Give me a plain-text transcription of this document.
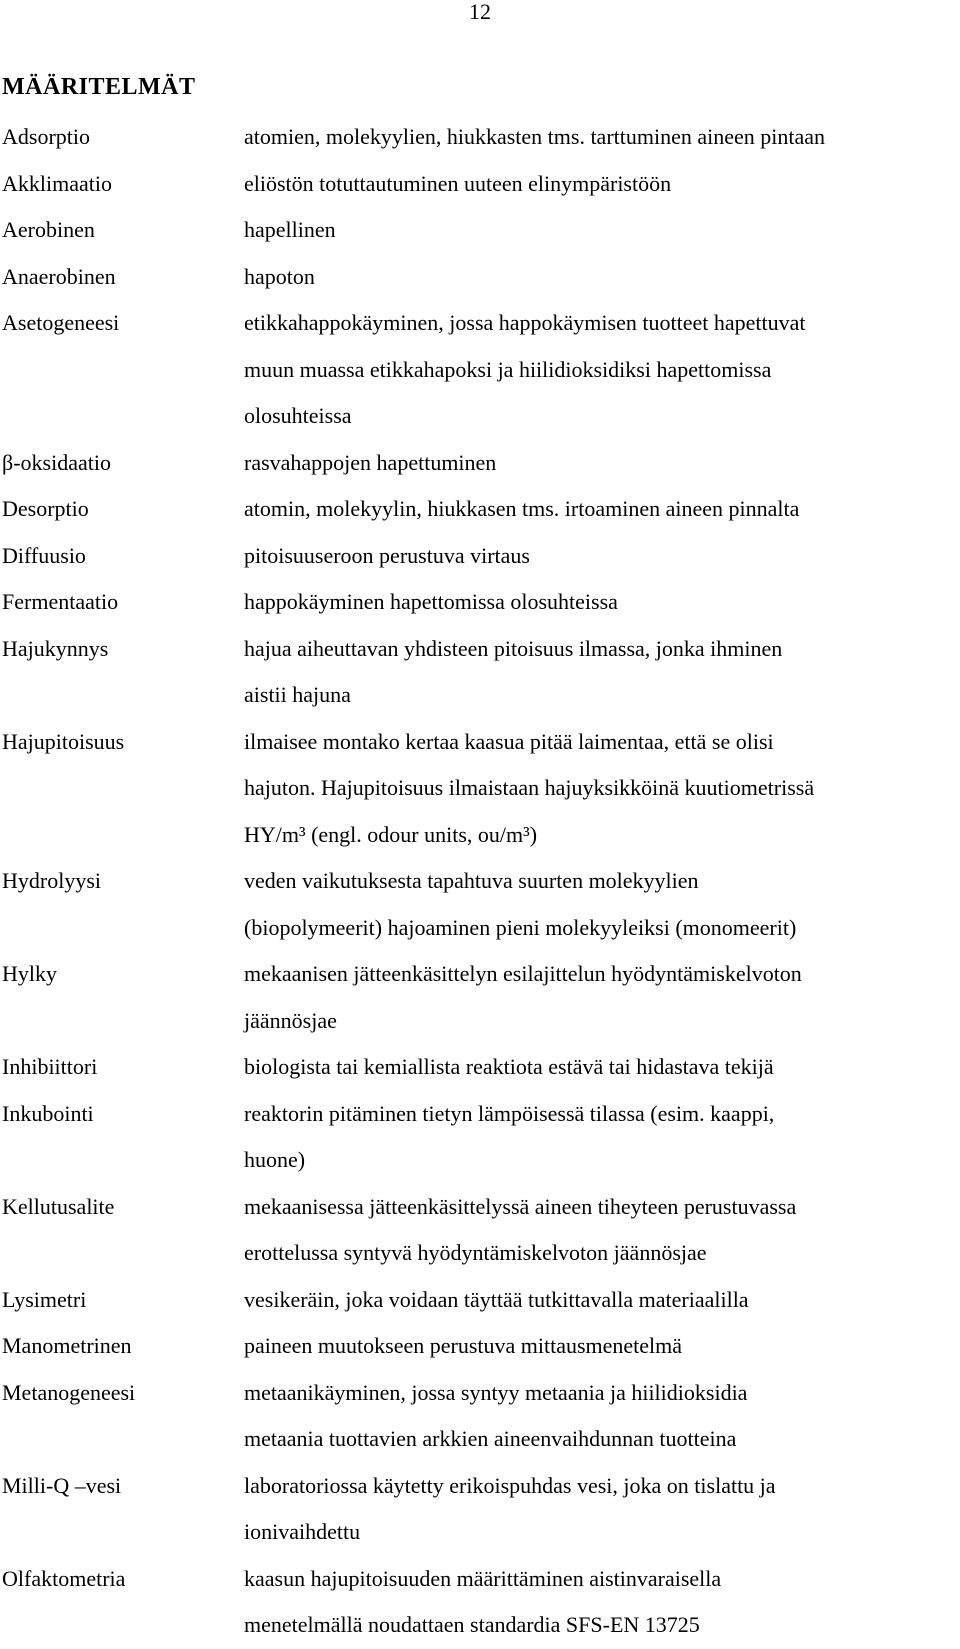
12
MÄÄRITELMÄT
Adsorptio	atomien, molekyylien, hiukkasten tms. tarttuminen aineen pintaan
Akklimaatio	eliöstön totuttautuminen uuteen elinympäristöön
Aerobinen	hapellinen
Anaerobinen	hapoton
Asetogeneesi	etikkahappokäyminen, jossa happokäymisen tuotteet hapettuvat
muun muassa etikkahapoksi ja hiilidioksidiksi hapettomissa
olosuhteissa
β-oksidaatio	rasvahappojen hapettuminen
Desorptio	atomin, molekyylin, hiukkasen tms. irtoaminen aineen pinnalta
Diffuusio	pitoisuuseroon perustuva virtaus
Fermentaatio	happokäyminen hapettomissa olosuhteissa
Hajukynnys	hajua aiheuttavan yhdisteen pitoisuus ilmassa, jonka ihminen
aistii hajuna
Hajupitoisuus	ilmaisee montako kertaa kaasua pitää laimentaa, että se olisi
hajuton. Hajupitoisuus ilmaistaan hajuyksikköinä kuutiometrissä
HY/m³ (engl. odour units, ou/m³)
Hydrolyysi	veden vaikutuksesta tapahtuva suurten molekyylien
(biopolymeerit) hajoaminen pieni molekyyleiksi (monomeerit)
Hylky	mekaanisen jätteenkäsittelyn esilajittelun hyödyntämiskelvoton
jäännösjae
Inhibiittori	biologista tai kemiallista reaktiota estävä tai hidastava tekijä
Inkubointi	reaktorin pitäminen tietyn lämpöisessä tilassa (esim. kaappi,
huone)
Kellutusalite	mekaanisessa jätteenkäsittelyssä aineen tiheyteen perustuvassa
erottelussa syntyvä hyödyntämiskelvoton jäännösjae
Lysimetri	vesikeräin, joka voidaan täyttää tutkittavalla materiaalilla
Manometrinen	paineen muutokseen perustuva mittausmenetelmä
Metanogeneesi	metaanikäyminen, jossa syntyy metaania ja hiilidioksidia
metaania tuottavien arkkien aineenvaihdunnan tuotteina
Milli-Q –vesi	laboratoriossa käytetty erikoispuhdas vesi, joka on tislattu ja
ionivaihdettu
Olfaktometria	kaasun hajupitoisuuden määrittäminen aistinvaraisella
menetelmällä noudattaen standardia SFS-EN 13725
